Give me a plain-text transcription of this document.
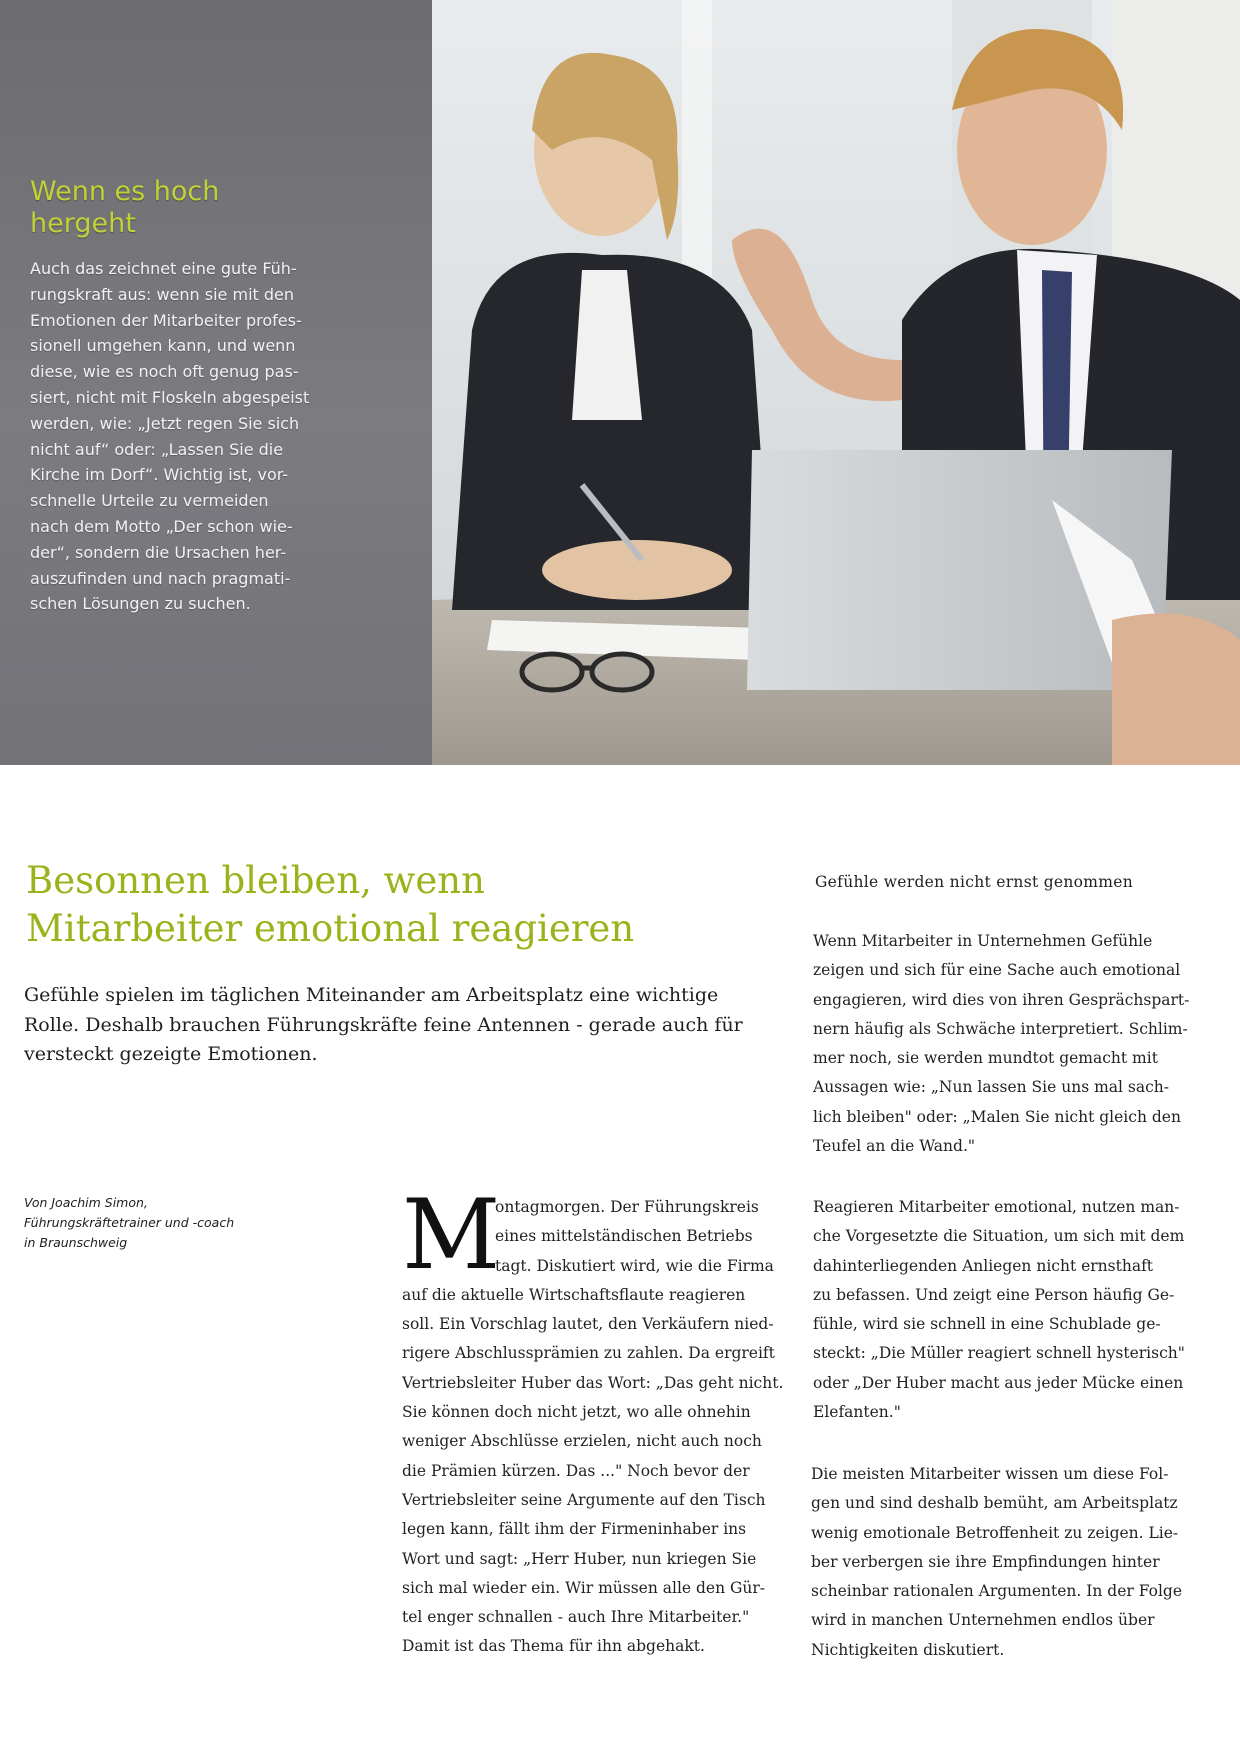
Wenn es hoch
hergeht
Auch das zeichnet eine gute Füh-
rungskraft aus: wenn sie mit den
Emotionen der Mitarbeiter profes-
sionell umgehen kann, und wenn
diese, wie es noch oft genug pas-
siert, nicht mit Floskeln abgespeist
werden, wie: „Jetzt regen Sie sich
nicht auf“ oder: „Lassen Sie die
Kirche im Dorf“. Wichtig ist, vor-
schnelle Urteile zu vermeiden
nach dem Motto „Der schon wie-
der“, sondern die Ursachen her-
auszufinden und nach pragmati-
schen Lösungen zu suchen.
Besonnen bleiben, wenn
Mitarbeiter emotional reagieren
Gefühle spielen im täglichen Miteinander am Arbeitsplatz eine wichtige
Rolle. Deshalb brauchen Führungskräfte feine Antennen - gerade auch für
versteckt gezeigte Emotionen.
Von Joachim Simon,
Führungskräftetrainer und -coach
in Braunschweig	M
ontagmorgen. Der Führungskreis
eines mittelständischen Betriebs
tagt. Diskutiert wird, wie die Firma
auf die aktuelle Wirtschaftsflaute reagieren
soll. Ein Vorschlag lautet, den Verkäufern nied-
rigere Abschlussprämien zu zahlen. Da ergreift
Vertriebsleiter Huber das Wort: „Das geht nicht.
Sie können doch nicht jetzt, wo alle ohnehin
weniger Abschlüsse erzielen, nicht auch noch
die Prämien kürzen. Das ..." Noch bevor der
Vertriebsleiter seine Argumente auf den Tisch
legen kann, fällt ihm der Firmeninhaber ins
Wort und sagt: „Herr Huber, nun kriegen Sie
sich mal wieder ein. Wir müssen alle den Gür-
tel enger schnallen - auch Ihre Mitarbeiter."
Damit ist das Thema für ihn abgehakt.
Gefühle werden nicht ernst genommen
Wenn Mitarbeiter in Unternehmen Gefühle
zeigen und sich für eine Sache auch emotional
engagieren, wird dies von ihren Gesprächspart-
nern häufig als Schwäche interpretiert. Schlim-
mer noch, sie werden mundtot gemacht mit
Aussagen wie: „Nun lassen Sie uns mal sach-
lich bleiben" oder: „Malen Sie nicht gleich den
Teufel an die Wand."
Reagieren Mitarbeiter emotional, nutzen man-
che Vorgesetzte die Situation, um sich mit dem
dahinterliegenden Anliegen nicht ernsthaft
zu befassen. Und zeigt eine Person häufig Ge-
fühle, wird sie schnell in eine Schublade ge-
steckt: „Die Müller reagiert schnell hysterisch"
oder „Der Huber macht aus jeder Mücke einen
Elefanten."
Die meisten Mitarbeiter wissen um diese Fol-
gen und sind deshalb bemüht, am Arbeitsplatz
wenig emotionale Betroffenheit zu zeigen. Lie-
ber verbergen sie ihre Empfindungen hinter
scheinbar rationalen Argumenten. In der Folge
wird in manchen Unternehmen endlos über
Nichtigkeiten diskutiert.
